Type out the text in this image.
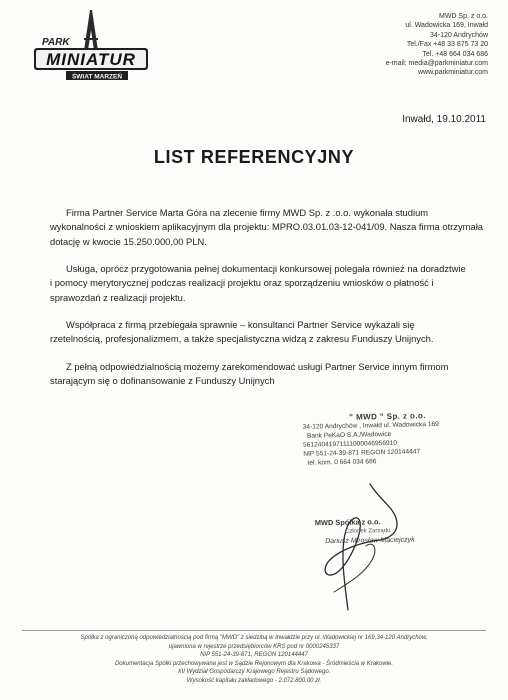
PARK
MINIATUR
ŚWIAT MARZEŃ
MWD Sp. z o.o.
ul. Wadowicka 169, Inwałd
34-120 Andrychów
Tel./Fax +48 33 875 73 20
Tel. +48 664 034 686
e-mail: media@parkminiatur.com
www.parkminiatur.com
Inwałd, 19.10.2011
LIST REFERENCYJNY
Firma Partner Service Marta Góra na zlecenie firmy MWD Sp. z .o.o. wykonała studium
wykonalności z wnioskiem aplikacyjnym dla projektu: MPRO.03.01.03-12-041/09. Nasza firma otrzymała
dotację w kwocie 15.250.000,00 PLN.
Usługa, oprócz przygotowania pełnej dokumentacji konkursowej polegała również na doradztwie
i pomocy merytorycznej podczas realizacji projektu oraz sporządzeniu wniosków o płatność i
sprawozdań z realizacji projektu.
Współpraca z firmą przebiegała sprawnie – konsultanci Partner Service wykazali się
rzetelnością, profesjonalizmem, a także specjalistyczna widzą z zakresu Funduszy Unijnych.
Z pełną odpowiedzialnością możemy zarekomendować usługi Partner Service innym firmom
starającym się o dofinansowanie z Funduszy Unijnych
" MWD " Sp. z o.o.
34-120 Andrychów , Inwałd ul. Wadowicka 169
Bank PeKaO S.A./Wadowice
56124041971111000046956910
NIP 551-24-39-871 REGON 120144447
tel. kom. 0 664 034 686
MWD Spółka z o.o.
Członek Zarządu
Dariusz Mirosław Maciejczyk
Spółka z ograniczoną odpowiedzialnością pod firmą "MWD" z siedzibą w Inwałdzie przy ul. Wadowickiej nr 169,34-120 Andrychów,
ujawniona w rejestrze przedsiębiorców KRS pod nr 0000245337
NIP 551-24-39-871, REGON 120144447
Dokumentacja Spółki przechowywana jest w Sądzie Rejonowym dla Krakowa - Śródmieścia w Krakowie.
XII Wydział Gospodarczy Krajowego Rejestru Sądowego.
Wysokość kapitału zakładowego - 2.072.800,00 zł.
